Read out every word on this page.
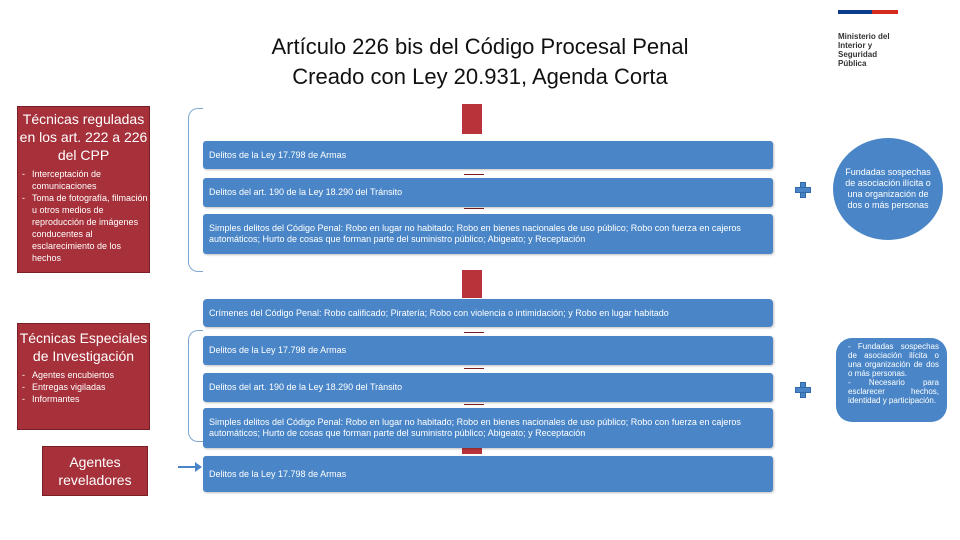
Artículo 226 bis del Código Procesal Penal
Creado con Ley 20.931, Agenda Corta
Ministerio del
Interior y
Seguridad
Pública
Técnicas reguladas en los art. 222 a 226 del CPP
- Interceptación de comunicaciones
- Toma de fotografía, filmación u otros medios de reproducción de imágenes conducentes al esclarecimiento de los hechos
Técnicas Especiales de Investigación
- Agentes encubiertos
- Entregas vigiladas
- Informantes
Agentes reveladores
Delitos de la Ley 17.798 de Armas
Delitos del art. 190 de la Ley 18.290 del Tránsito
Simples delitos del Código Penal: Robo en lugar no habitado; Robo en bienes nacionales de uso público; Robo con fuerza en cajeros automáticos; Hurto de cosas que forman parte del suministro público; Abigeato; y Receptación
Crímenes del Código Penal: Robo calificado; Piratería; Robo con violencia o intimidación; y Robo en lugar habitado
Delitos de la Ley 17.798 de Armas
Delitos del art. 190 de la Ley 18.290 del Tránsito
Simples delitos del Código Penal: Robo en lugar no habitado; Robo en bienes nacionales de uso público; Robo con fuerza en cajeros automáticos; Hurto de cosas que forman parte del suministro público; Abigeato; y Receptación
Delitos de la Ley 17.798 de Armas
Fundadas sospechas de asociación ilícita o una organización de dos o más personas
- Fundadas sospechas de asociación ilícita o una organización de dos o más personas.
- Necesario para esclarecer hechos, identidad y participación.
